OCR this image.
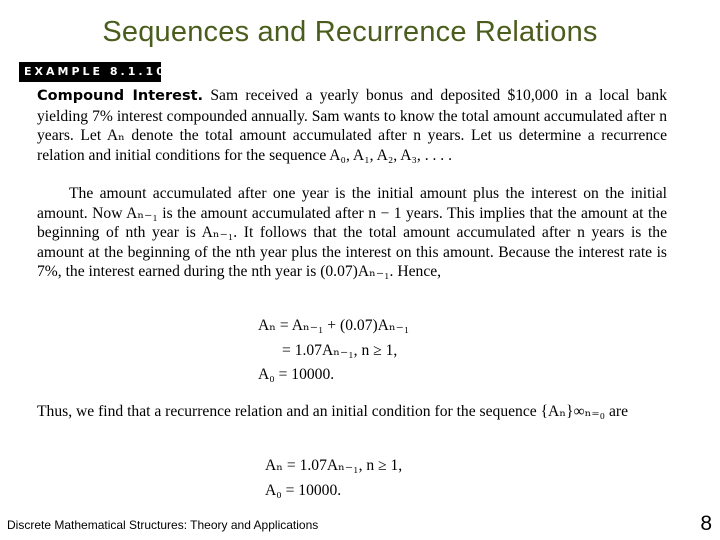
Sequences and Recurrence Relations
EXAMPLE 8.1.10

Compound Interest. Sam received a yearly bonus and deposited $10,000 in a local bank yielding 7% interest compounded annually. Sam wants to know the total amount accumulated after n years. Let Aₙ denote the total amount accumulated after n years. Let us determine a recurrence relation and initial conditions for the sequence A₀, A₁, A₂, A₃, . . . .

The amount accumulated after one year is the initial amount plus the interest on the initial amount. Now Aₙ₋₁ is the amount accumulated after n − 1 years. This implies that the amount at the beginning of nth year is Aₙ₋₁. It follows that the total amount accumulated after n years is the amount at the beginning of the nth year plus the interest on this amount. Because the interest rate is 7%, the interest earned during the nth year is (0.07)Aₙ₋₁. Hence,

Aₙ = Aₙ₋₁ + (0.07)Aₙ₋₁
= 1.07Aₙ₋₁, n ≥ 1,
A₀ = 10000.

Thus, we find that a recurrence relation and an initial condition for the sequence {Aₙ}∞ₙ₌₀ are

Aₙ = 1.07Aₙ₋₁, n ≥ 1,
A₀ = 10000.
Discrete Mathematical Structures: Theory and Applications	8
